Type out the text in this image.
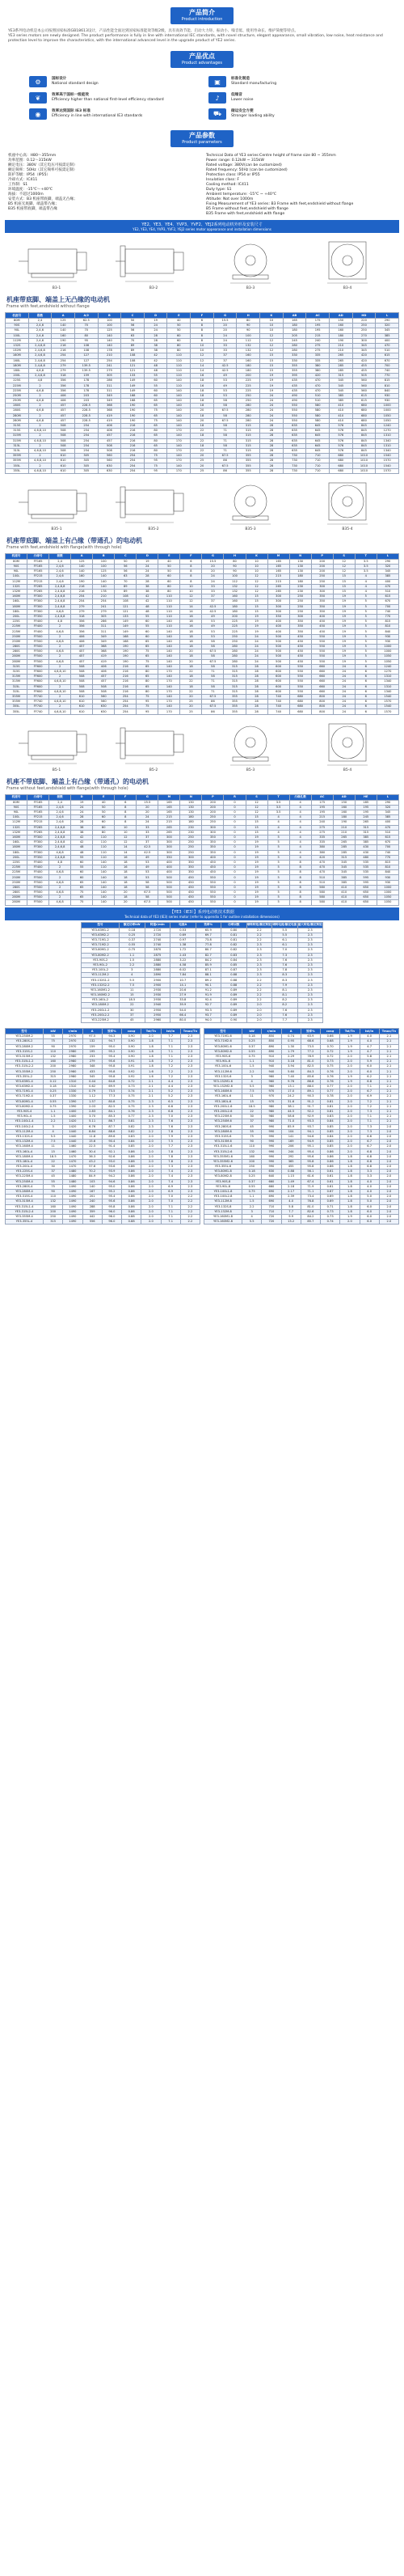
产品简介
Product introduction
YE3系列电动机是本公司按照国家标准GB18613设计，产品性能全面达到国家标准能效等级2级，具有高效节能、启动大力矩、振动小、噪音低、使用寿命长、维护简便等特点。
YE3 series motors are newly designed. The product performance is fully in line with international IEC standards, with novel structure, elegant appearance, small vibration, low noise, heat resistance and protection level to improve the characteristics, with the international advanced level in the upgrade product of YE2 series.
产品优点
Product advantages
⚙	国标设计
National standard design	▣	标准化制造
Standard manufacturing
❦	效率高于国标一级能效
Efficiency higher than national first-level efficiency standard	♪	低噪音
Lower noise
◉	效率达到国际 IE3 标准
Efficiency in line with international IE3 standards	⛟	储运安全方便
Stronger loading ability
产品参数
Product parameters
机座中心高：H80～355mm
功率范围：0.12～315kW
额定电压：380V（其它电压可按需定制）
额定频率：50Hz（其它频率可按需定制）
防护等级：IP54（IP55）
冷却方式：IC411
工作制：S1
环境温度：-15℃～+40℃
海拔：不超过1000m
安装方式：B3 机座带底脚，端盖无凸缘；
B5 机座无底脚，端盖带凸缘；
B35 机座带底脚，端盖带凸缘
Technical Data of YE3 series:Centre height of frame size 80 ~ 355mm
Power range: 0.12kW ~ 315kW
Rated voltage: 380V(can be customized)
Rated frequency: 50Hz (can be customized)
Protection class: IP54 or IP55
Insulation class: F
Cooling method: IC411
Duty type: S1
Ambient temperature: -15℃ ~ +40℃
Altitude: Not over 1000m
Fixing Measurement of YE3 series: B3 Frame with feet,endshield without flange
B5 Frame without feet,endshield with flange
B35 Frame with feet,endshield with flange
YE2、YE3、YE4、YVP3、YVF2、YEJ2系列电动机外形及安装尺寸
YE2, YE3, YE4, YVP3, YVF2, YEJ2 series motor appearance and installation dimensions
B3-1	B3-2	B3-3	B3-4
机座带底脚、端盖上无凸缘的电动机
Frame with feet,endshield without flange
机座号	极数	A	A/2	B	C	D	E	F	G	H	K	AB	AC	AD	HD	L
80M	2,4	125	62.5	100	50	19	40	6	15.5	80	10	165	175	150	220	290
90S	2,4,6	140	70	100	56	24	50	8	20	90	10	180	195	160	250	320
90L	2,4,6	140	70	125	56	24	50	8	20	90	10	180	195	160	250	345
100L	2,4,6	160	80	140	63	28	60	8	24	100	12	205	215	180	270	385
112M	2,4,6	190	95	140	70	28	60	8	24	112	12	245	240	190	300	400
132S	2,4,6,8	216	108	140	89	38	80	10	33	132	12	280	275	210	345	470
132M	2,4,6,8	216	108	178	89	38	80	10	33	132	12	280	275	210	345	510
160M	2,4,6,8	254	127	210	108	42	110	12	37	160	15	330	335	265	420	615
160L	2,4,6,8	254	127	254	108	42	110	12	37	160	15	330	335	265	420	670
180M	2,4,6,8	279	139.5	241	121	48	110	14	42.5	180	15	355	380	285	455	700
180L	4,6,8	279	139.5	279	121	48	110	14	42.5	180	15	355	380	285	455	740
200L	2,4,6,8	318	159	305	133	55	110	16	49	200	19	395	420	315	505	770
225S	4,8	356	178	286	149	60	140	18	53	225	19	435	470	345	560	815
225M	2	356	178	311	149	55	110	16	49	225	19	435	470	345	560	810
225M	4,6,8	356	178	311	149	60	140	18	53	225	19	435	470	345	560	840
250M	2	406	203	349	168	60	140	18	53	250	24	490	510	385	615	930
250M	4,6,8	406	203	349	168	65	140	18	58	250	24	490	510	385	615	930
280S	2	457	228.5	368	190	65	140	18	58	280	24	550	580	410	680	1000
280S	4,6,8	457	228.5	368	190	75	140	20	67.5	280	24	550	580	410	680	1000
280M	2	457	228.5	419	190	65	140	18	58	280	24	550	580	410	680	1050
280M	4,6,8	457	228.5	419	190	75	140	20	67.5	280	24	550	580	410	680	1050
315S	2	508	254	406	216	65	140	18	58	315	28	635	645	576	845	1240
315S	4,6,8,10	508	254	406	216	80	170	22	71	315	28	635	645	576	845	1270
315M	2	508	254	457	216	65	140	18	58	315	28	635	645	576	845	1310
315M	4,6,8,10	508	254	457	216	80	170	22	71	315	28	635	645	576	845	1340
315L	2	508	254	508	216	65	140	18	58	315	28	635	645	576	845	1310
315L	4,6,8,10	508	254	508	216	80	170	22	71	315	28	635	645	576	845	1340
355M	2	610	305	560	254	75	140	20	67.5	355	28	730	710	680	1010	1540
355M	4,6,8,10	610	305	560	254	95	170	25	86	355	28	730	710	680	1010	1570
355L	2	610	305	630	254	75	140	20	67.5	355	28	730	710	680	1010	1540
355L	4,6,8,10	610	305	630	254	95	170	25	86	355	28	730	710	680	1010	1570
B35-1	B35-2	B35-3	B35-4
机座带底脚、端盖上有凸缘（带通孔）的电动机
Frame with feet,endshield with flange(with through hole)
机座号	凸缘号	极数	A	B	C	D	E	F	G	H	K	M	N	P	S	T	L
80M	FF165	2,4	125	100	50	19	40	6	15.5	80	10	165	130	200	12	3.5	290
90S	FF165	2,4,6	140	100	56	24	50	8	20	90	10	165	130	200	12	3.5	320
90L	FF165	2,4,6	140	125	56	24	50	8	20	90	10	165	130	200	12	3.5	345
100L	FF215	2,4,6	160	140	63	28	60	8	24	100	12	215	180	250	15	4	385
112M	FF215	2,4,6	190	140	70	28	60	8	24	112	12	215	180	250	15	4	400
132S	FF265	2,4,6,8	216	140	89	38	80	10	33	132	12	265	230	300	15	4	470
132M	FF265	2,4,6,8	216	178	89	38	80	10	33	132	12	265	230	300	15	4	510
160M	FF300	2,4,6,8	254	210	108	42	110	12	37	160	15	300	250	350	19	5	615
160L	FF300	2,4,6,8	254	254	108	42	110	12	37	160	15	300	250	350	19	5	670
180M	FF300	2,4,6,8	279	241	121	48	110	14	42.5	180	15	300	250	350	19	5	700
180L	FF300	4,6,8	279	279	121	48	110	14	42.5	180	15	300	250	350	19	5	740
200L	FF350	2,4,6,8	318	305	133	55	110	16	49	200	19	350	300	400	19	5	770
225S	FF400	4,8	356	286	149	60	140	18	53	225	19	400	350	450	19	5	815
225M	FF400	2	356	311	149	55	110	16	49	225	19	400	350	450	19	5	810
225M	FF400	4,6,8	356	311	149	60	140	18	53	225	19	400	350	450	19	5	840
250M	FF500	2	406	349	168	60	140	18	53	250	24	500	450	550	19	5	930
250M	FF500	4,6,8	406	349	168	65	140	18	58	250	24	500	450	550	19	5	930
280S	FF500	2	457	368	190	65	140	18	58	280	24	500	450	550	19	5	1000
280S	FF500	4,6,8	457	368	190	75	140	20	67.5	280	24	500	450	550	19	5	1000
280M	FF500	2	457	419	190	65	140	18	58	280	24	500	450	550	19	5	1050
280M	FF500	4,6,8	457	419	190	75	140	20	67.5	280	24	500	450	550	19	5	1050
315S	FF600	2	508	406	216	65	140	18	58	315	28	600	550	660	24	6	1240
315S	FF600	4,6,8,10	508	406	216	80	170	22	71	315	28	600	550	660	24	6	1270
315M	FF600	2	508	457	216	65	140	18	58	315	28	600	550	660	24	6	1310
315M	FF600	4,6,8,10	508	457	216	80	170	22	71	315	28	600	550	660	24	6	1340
315L	FF600	2	508	508	216	65	140	18	58	315	28	600	550	660	24	6	1310
315L	FF600	4,6,8,10	508	508	216	80	170	22	71	315	28	600	550	660	24	6	1340
355M	FF740	2	610	560	254	75	140	20	67.5	355	28	740	680	800	24	6	1540
355M	FF740	4,6,8,10	610	560	254	95	170	25	86	355	28	740	680	800	24	6	1570
355L	FF740	2	610	630	254	75	140	20	67.5	355	28	740	680	800	24	6	1540
355L	FF740	4,6,8,10	610	630	254	95	170	25	86	355	28	740	680	800	24	6	1570
B5-1	B5-2	B5-3	B5-4
机座不带底脚、端盖上有凸缘（带通孔）的电动机
Frame without feet,endshield with flange(with through hole)
机座号	凸缘号	极数	D	E	F	G	M	N	P	R	S	T	凸缘孔数	AC	AD	HE	L
80M	FF165	2,4	19	40	6	15.5	165	130	200	0	12	3.5	4	175	150	185	290
90S	FF165	2,4,6	24	50	8	20	165	130	200	0	12	3.5	4	195	160	195	320
90L	FF165	2,4,6	24	50	8	20	165	130	200	0	12	3.5	4	195	160	195	345
100L	FF215	2,4,6	28	60	8	24	215	180	250	0	15	4	4	215	180	245	385
112M	FF215	2,4,6	28	60	8	24	215	180	250	0	15	4	4	240	190	265	400
132S	FF265	2,4,6,8	38	80	10	33	265	230	300	0	15	4	4	275	210	315	470
132M	FF265	2,4,6,8	38	80	10	33	265	230	300	0	15	4	4	275	210	315	510
160M	FF300	2,4,6,8	42	110	12	37	300	250	350	0	19	5	4	335	265	385	615
160L	FF300	2,4,6,8	42	110	12	37	300	250	350	0	19	5	4	335	265	385	670
180M	FF300	2,4,6,8	48	110	14	42.5	300	250	350	0	19	5	4	380	285	430	700
180L	FF300	4,6,8	48	110	14	42.5	300	250	350	0	19	5	4	380	285	430	740
200L	FF350	2,4,6,8	55	110	16	49	350	300	400	0	19	5	4	420	315	480	770
225S	FF400	4,8	60	140	18	53	400	350	450	0	19	5	8	470	345	535	815
225M	FF400	2	55	110	16	49	400	350	450	0	19	5	8	470	345	535	810
225M	FF400	4,6,8	60	140	18	53	400	350	450	0	19	5	8	470	345	535	840
250M	FF500	2	60	140	18	53	500	450	550	0	19	5	8	510	385	595	930
250M	FF500	4,6,8	65	140	18	58	500	450	550	0	19	5	8	510	385	595	930
280S	FF500	2	65	140	18	58	500	450	550	0	19	5	8	580	410	650	1000
280S	FF500	4,6,8	75	140	20	67.5	500	450	550	0	19	5	8	580	410	650	1000
280M	FF500	2	65	140	18	58	500	450	550	0	19	5	8	580	410	650	1050
280M	FF500	4,6,8	75	140	20	67.5	500	450	550	0	19	5	8	580	410	650	1050
【YE3（IE3）】系列电动机技术数据
Technical data of YE3 (IE3) series motor (refer to appendix 1 for outline installation dimensions)
型号	额定功率kW	转速r/min	电流A	效率%	功率因数	堵转转矩/额定转矩	堵转电流/额定电流	最大转矩/额定转矩
YE3-63M1-2	0.18	2720	0.53	65.9	0.80	2.2	5.5	2.3
YE3-63M2-2	0.25	2720	0.69	69.7	0.81	2.2	5.5	2.3
YE3-71M1-2	0.37	2740	0.97	73.8	0.81	2.2	6.1	2.3
YE3-71M2-2	0.55	2740	1.38	77.8	0.82	2.3	6.1	2.3
YE3-80M1-2	0.75	2870	1.72	80.7	0.82	2.3	7.0	2.3
YE3-80M2-2	1.1	2875	2.43	82.7	0.83	2.3	7.3	2.3
YE3-90S-2	1.5	2880	3.22	84.2	0.84	2.3	7.6	2.3
YE3-90L-2	2.2	2880	4.58	85.9	0.85	2.3	7.6	2.3
YE3-100L-2	3	2880	6.02	87.1	0.87	2.3	7.8	2.3
YE3-112M-2	4	2890	7.84	88.1	0.88	2.3	8.3	2.3
YE3-132S1-2	5.5	2900	10.7	89.2	0.88	2.2	8.3	2.3
YE3-132S2-2	7.5	2900	14.1	90.1	0.88	2.2	7.9	2.3
YE3-160M1-2	11	2930	20.6	91.2	0.89	2.2	8.1	2.3
YE3-160M2-2	15	2930	27.9	91.9	0.89	2.2	8.1	2.3
YE3-160L-2	18.5	2930	33.8	92.4	0.89	2.2	8.2	2.3
YE3-180M-2	22	2940	39.9	92.7	0.89	2.0	8.2	2.3
YE3-200L1-2	30	2950	54.0	93.3	0.89	2.0	7.6	2.3
YE3-200L2-2	37	2950	66.4	93.7	0.89	2.0	7.6	2.3
YE3-225M-2	45	2960	80.0	94.0	0.90	2.0	7.7	2.3
型号	kW	r/min	A	效率%	cosφ	Tst/Tn	Ist/In	Tmax/Tn
YE3-250M-2	55	2970	97.5	94.3	0.90	2.0	7.7	2.3
YE3-280S-2	75	2970	132	94.7	0.90	1.8	7.1	2.3
YE3-280M-2	90	2970	159	95.0	0.90	1.8	7.1	2.3
YE3-315S-2	110	2980	195	95.2	0.90	1.8	7.1	2.3
YE3-315M-2	132	2980	233	95.4	0.90	1.8	7.1	2.3
YE3-315L1-2	160	2980	279	95.6	0.91	1.8	7.2	2.3
YE3-315L2-2	200	2980	348	95.8	0.91	1.8	7.2	2.3
YE3-355M-2	250	2980	433	95.8	0.92	1.6	7.2	2.3
YE3-355L-2	315	2980	545	95.8	0.92	1.6	7.2	2.3
YE3-63M1-4	0.12	1310	0.44	64.8	0.72	2.1	4.4	2.3
YE3-63M2-4	0.18	1310	0.62	69.9	0.73	2.1	4.4	2.3
YE3-71M1-4	0.25	1330	0.79	73.5	0.74	2.1	5.2	2.3
YE3-71M2-4	0.37	1330	1.12	77.3	0.75	2.1	5.2	2.3
YE3-80M1-4	0.55	1390	1.57	80.8	0.75	2.3	6.5	2.3
YE3-80M2-4	0.75	1390	2.03	82.5	0.75	2.3	6.6	2.3
YE3-90S-4	1.1	1400	2.83	84.1	0.76	2.3	6.8	2.3
YE3-90L-4	1.5	1400	3.70	85.3	0.77	2.3	7.0	2.3
YE3-100L1-4	2.2	1420	5.11	86.7	0.81	2.3	7.6	2.3
YE3-100L2-4	3	1420	6.76	87.7	0.82	2.3	7.6	2.3
YE3-112M-4	4	1440	8.84	88.6	0.82	2.2	7.8	2.3
YE3-132S-4	5.5	1440	11.8	89.6	0.83	2.0	7.9	2.3
YE3-132M-4	7.5	1440	15.6	90.4	0.84	2.0	7.5	2.3
YE3-160M-4	11	1460	22.5	91.4	0.85	2.0	7.7	2.3
YE3-160L-4	15	1460	30.4	92.1	0.86	2.0	7.8	2.3
YE3-180M-4	18.5	1470	36.3	92.6	0.86	2.0	7.8	2.3
YE3-180L-4	22	1470	43.2	93.0	0.86	2.0	7.8	2.3
YE3-200L-4	30	1470	57.6	93.6	0.86	2.0	7.3	2.3
YE3-225S-4	37	1480	70.2	93.9	0.86	2.0	7.4	2.3
YE3-225M-4	45	1480	84.9	94.2	0.86	2.0	7.4	2.3
YE3-250M-4	55	1480	103	94.6	0.86	2.0	7.4	2.3
YE3-280S-4	75	1490	140	95.0	0.86	2.0	6.9	2.3
YE3-280M-4	90	1490	167	95.2	0.86	2.0	6.9	2.3
YE3-315S-4	110	1490	201	95.4	0.86	2.0	7.0	2.2
YE3-315M-4	132	1490	240	95.6	0.86	2.0	7.0	2.2
YE3-315L1-4	160	1490	288	95.8	0.86	2.0	7.1	2.2
YE3-315L2-4	200	1490	359	96.0	0.86	2.0	7.1	2.2
YE3-355M-4	250	1490	442	96.0	0.88	2.0	7.1	2.2
YE3-355L-4	315	1490	556	96.0	0.88	2.0	7.1	2.2
型号	kW	r/min	A	效率%	cosφ	Tst/Tn	Ist/In	Tmax/Tn
YE3-71M1-6	0.18	850	0.74	63.9	0.66	1.9	4.0	2.1
YE3-71M2-6	0.25	850	0.95	68.6	0.68	1.9	4.0	2.1
YE3-80M1-6	0.37	890	1.30	73.5	0.70	1.9	4.7	2.1
YE3-80M2-6	0.55	890	1.79	77.2	0.72	1.9	4.7	2.1
YE3-90S-6	0.75	910	2.29	78.9	0.72	2.0	5.8	2.1
YE3-90L-6	1.1	910	3.18	81.0	0.73	2.0	5.9	2.1
YE3-100L-6	1.5	940	3.94	82.5	0.75	2.0	6.0	2.1
YE3-112M-6	2.2	940	5.60	84.3	0.76	2.0	6.0	2.1
YE3-132S-6	3	960	7.40	85.6	0.76	1.9	6.2	2.1
YE3-132M1-6	4	960	9.76	86.8	0.76	1.9	6.8	2.1
YE3-132M2-6	5.5	960	13.1	88.0	0.77	2.0	7.1	2.1
YE3-160M-6	7.5	970	17.0	89.1	0.77	2.0	6.7	2.1
YE3-160L-6	11	970	24.2	90.3	0.78	2.0	6.9	2.1
YE3-180L-6	15	970	31.6	91.2	0.81	2.0	7.2	2.1
YE3-200L1-6	18.5	980	38.1	91.7	0.81	2.0	7.2	2.1
YE3-200L2-6	22	980	44.5	92.2	0.81	2.0	7.3	2.1
YE3-225M-6	30	980	58.6	92.9	0.83	2.0	7.1	2.1
YE3-250M-6	37	980	71.0	93.3	0.84	2.0	7.1	2.1
YE3-280S-6	45	990	85.9	93.7	0.85	2.0	7.3	2.0
YE3-280M-6	55	990	104	94.1	0.85	2.0	7.3	2.0
YE3-315S-6	75	990	141	94.6	0.84	2.0	6.6	2.0
YE3-315M-6	90	990	169	94.9	0.85	2.0	6.7	2.0
YE3-315L1-6	110	990	206	95.1	0.85	2.0	6.7	2.0
YE3-315L2-6	132	990	244	95.4	0.86	2.0	6.8	2.0
YE3-355M1-6	160	990	292	95.6	0.86	1.8	6.8	2.0
YE3-355M2-6	200	990	365	95.8	0.86	1.8	6.8	2.0
YE3-355L-6	250	990	455	95.8	0.86	1.8	6.8	2.0
YE3-80M1-8	0.18	630	0.88	56.1	0.61	1.8	3.3	2.0
YE3-80M2-8	0.25	640	1.15	61.6	0.61	1.8	3.3	2.0
YE3-90S-8	0.37	660	1.49	67.4	0.61	1.8	4.0	2.0
YE3-90L-8	0.55	660	2.18	71.9	0.61	1.8	4.0	2.0
YE3-100L1-8	0.75	690	2.17	71.1	0.67	1.8	4.0	2.0
YE3-100L2-8	1.1	690	2.39	73.4	0.69	1.8	5.0	2.0
YE3-112M-8	1.5	690	4.0	76.8	0.69	1.8	5.0	2.0
YE3-132S-8	2.2	710	5.8	81.0	0.71	1.8	6.0	2.0
YE3-132M-8	3	710	7.7	82.6	0.73	1.8	6.0	2.0
YE3-160M1-8	4	720	9.9	84.2	0.73	1.9	6.0	2.0
YE3-160M2-8	5.5	720	13.2	85.7	0.74	2.0	6.0	2.0
